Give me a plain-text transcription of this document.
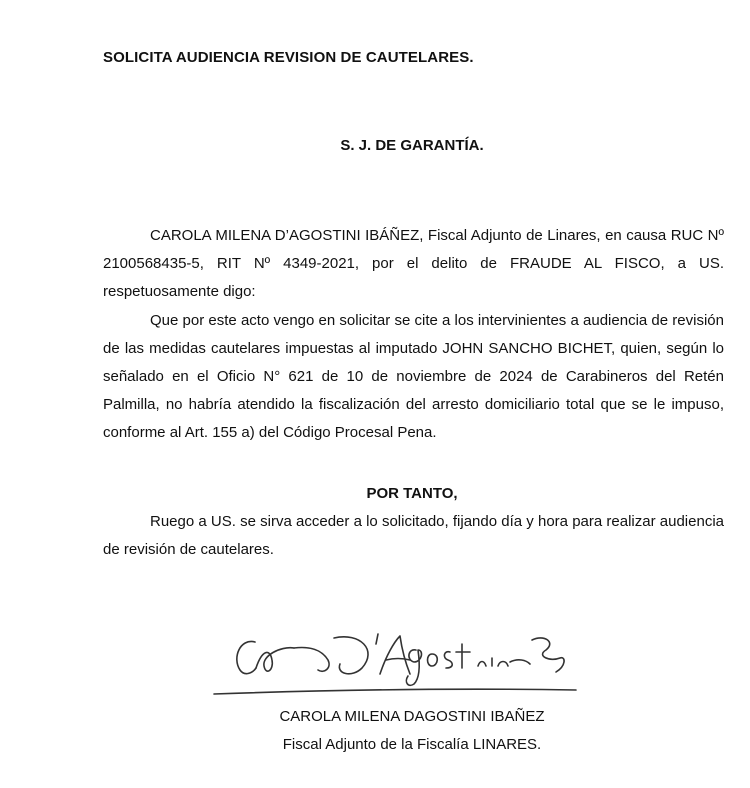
SOLICITA AUDIENCIA REVISION DE CAUTELARES.
S. J. DE GARANTÍA.
CAROLA MILENA D’AGOSTINI IBÁÑEZ, Fiscal Adjunto de Linares, en causa RUC Nº 2100568435-5, RIT Nº 4349-2021, por el delito de FRAUDE AL FISCO, a US. respetuosamente digo:
Que por este acto vengo en solicitar se cite a los intervinientes a audiencia de revisión de las medidas cautelares impuestas al imputado JOHN SANCHO BICHET, quien, según lo señalado en el Oficio N° 621 de 10 de noviembre de 2024 de Carabineros del Retén Palmilla, no habría atendido la fiscalización del arresto domiciliario total que se le impuso, conforme al Art. 155 a) del Código Procesal Pena.
POR TANTO,
Ruego a US. se sirva acceder a lo solicitado, fijando día y hora para realizar audiencia de revisión de cautelares.
CAROLA MILENA DAGOSTINI IBAÑEZ
Fiscal Adjunto de la Fiscalía LINARES.
